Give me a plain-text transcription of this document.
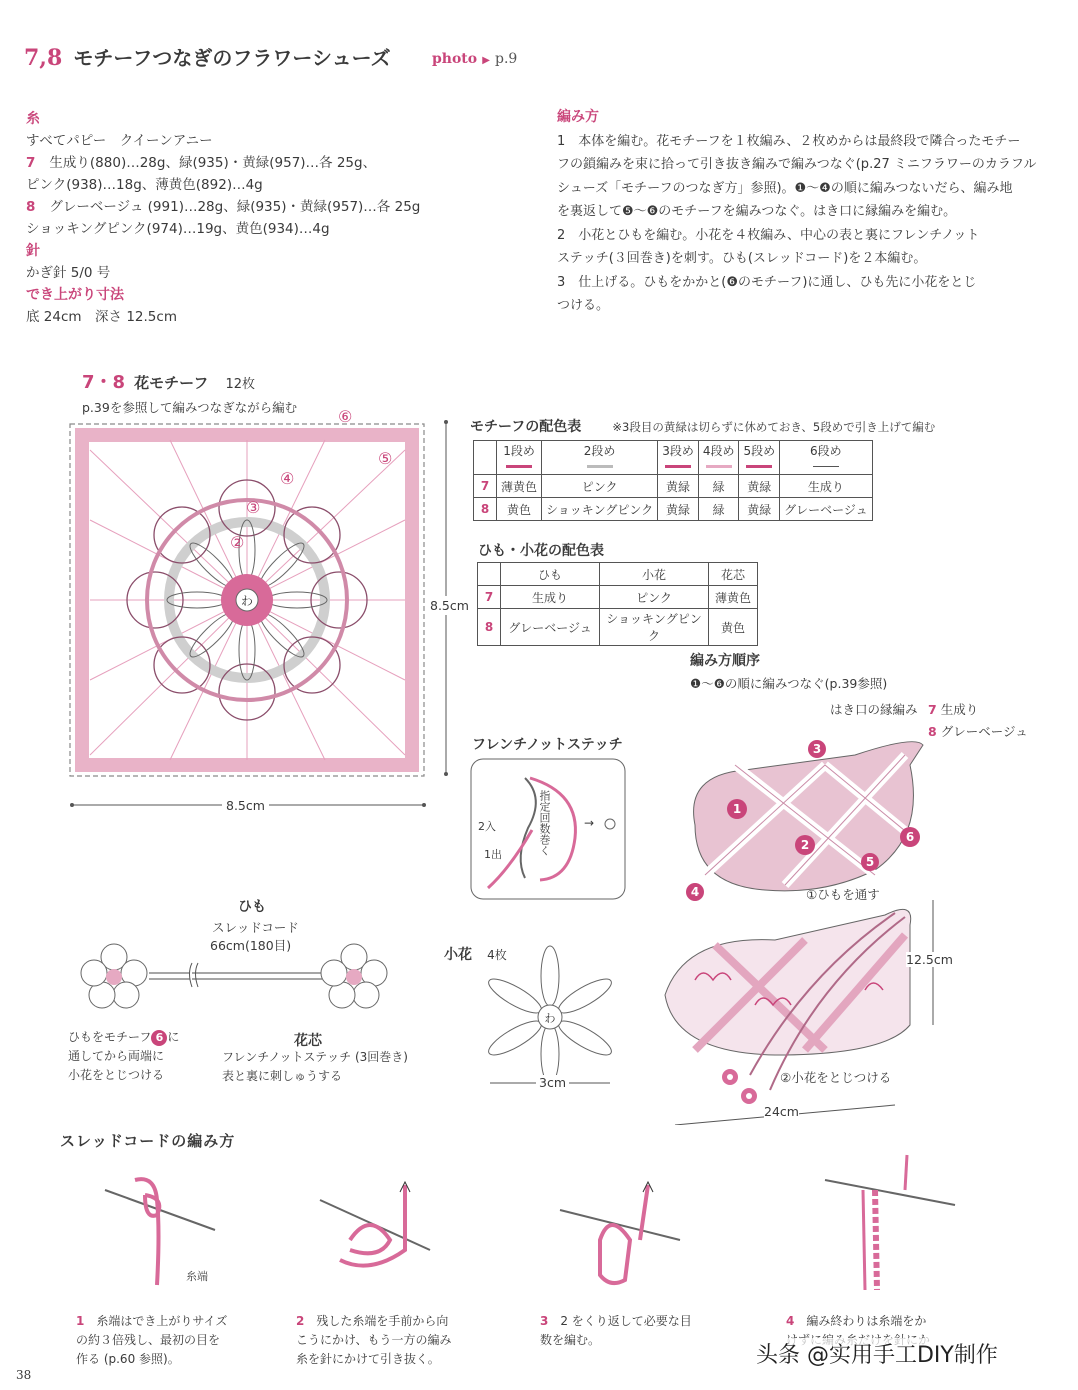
7,8 モチーフつなぎのフラワーシューズ	photo ▶ p.9
糸
すべてパピー　クイーンアニー
7 生成り(880)…28g、緑(935)・黄緑(957)…各 25g、
ピンク(938)…18g、薄黄色(892)…4g
8 グレーベージュ (991)…28g、緑(935)・黄緑(957)…各 25g
ショッキングピンク(974)…19g、黄色(934)…4g
針
かぎ針 5/0 号
でき上がり寸法
底 24cm　深さ 12.5cm
編み方
1　本体を編む。花モチーフを１枚編み、２枚めからは最終段で隣合ったモチー
フの鎖編みを束に拾って引き抜き編みで編みつなぐ(p.27 ミニフラワーのカラフル
シューズ「モチーフのつなぎ方」参照)。❶～❹の順に編みつないだら、編み地
を裏返して❺～❻のモチーフを編みつなぐ。はき口に縁編みを編む。
2　小花とひもを編む。小花を４枚編み、中心の表と裏にフレンチノット
ステッチ(３回巻き)を刺す。ひも(スレッドコード)を２本編む。
3　仕上げる。ひもをかかと(❻のモチーフ)に通し、ひも先に小花をとじ
つける。
7・8 花モチーフ 12枚
p.39を参照して編みつなぎながら編む
わ
②
③
④
⑤
⑥
8.5cm
8.5cm
モチーフの配色表	※3段目の黄緑は切らずに休めておき、5段めで引き上げて編む

	1段め	2段め	3段め	4段め	5段め	6段め

7	薄黄色	ピンク	黄緑	緑	黄緑	生成り
8	黄色	ショッキングピンク	黄緑	緑	黄緑	グレーベージュ
ひも・小花の配色表
	ひも	小花	花芯
7	生成り	ピンク	薄黄色
8	グレーベージュ	ショッキングピンク	黄色
編み方順序
❶～❻の順に編みつなぐ(p.39参照)
はき口の縁編み 7 生成り
8 グレーベージュ
1
2
3
4
5
6
①ひもを通す
12.5cm
②小花をとじつける
24cm
フレンチノットステッチ
2入
1出	指定回数巻く	→
ひも
スレッドコード
66cm(180目)
ひもをモチーフ 6 に
通してから両端に
小花をとじつける
花芯
フレンチノットステッチ (3回巻き)
表と裏に刺しゅうする
小花 4枚
わ
3cm
スレッドコードの編み方
糸端
1 糸端はでき上がりサイズ
の約３倍残し、最初の目を
作る (p.60 参照)。
2 残した糸端を手前から向
こうにかけ、もう一方の編み
糸を針にかけて引き抜く。
3 2 をくり返して必要な目
数を編む。
4 編み終わりは糸端をか
38
头条 @实用手工DIY制作
